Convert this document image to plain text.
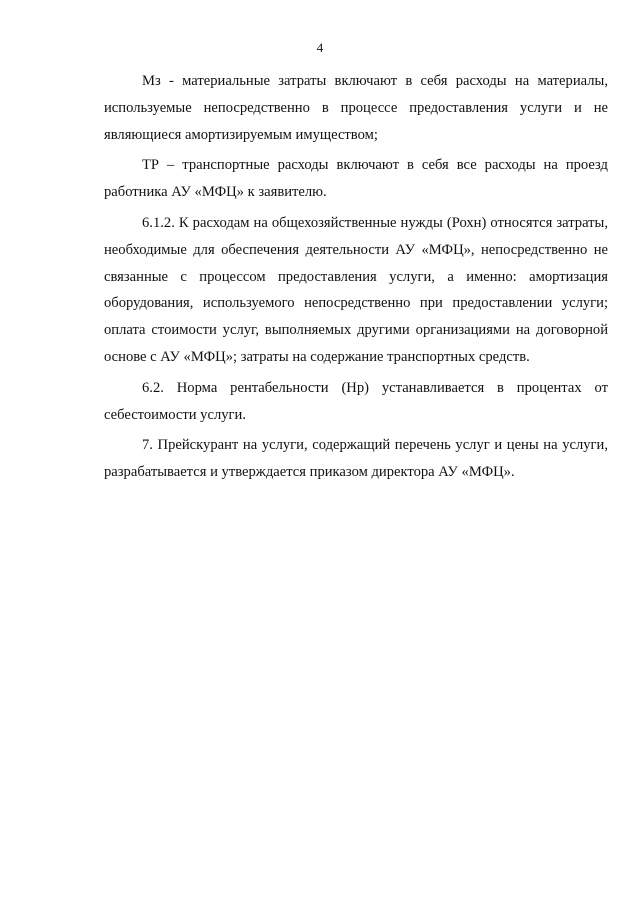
4

Мз - материальные затраты включают в себя расходы на материалы, используемые непосредственно в процессе предоставления услуги и не являющиеся амортизируемым имуществом;

ТР – транспортные расходы включают в себя все расходы на проезд работника АУ «МФЦ» к заявителю.

6.1.2. К расходам на общехозяйственные нужды (Рохн) относятся затраты, необходимые для обеспечения деятельности АУ «МФЦ», непосредственно не связанные с процессом предоставления услуги, а именно: амортизация оборудования, используемого непосредственно при предоставлении услуги; оплата стоимости услуг, выполняемых другими организациями на договорной основе с АУ «МФЦ»; затраты на содержание транспортных средств.

6.2. Норма рентабельности (Нр) устанавливается в процентах от себестоимости услуги.

7. Прейскурант на услуги, содержащий перечень услуг и цены на услуги, разрабатывается и утверждается приказом директора АУ «МФЦ».
